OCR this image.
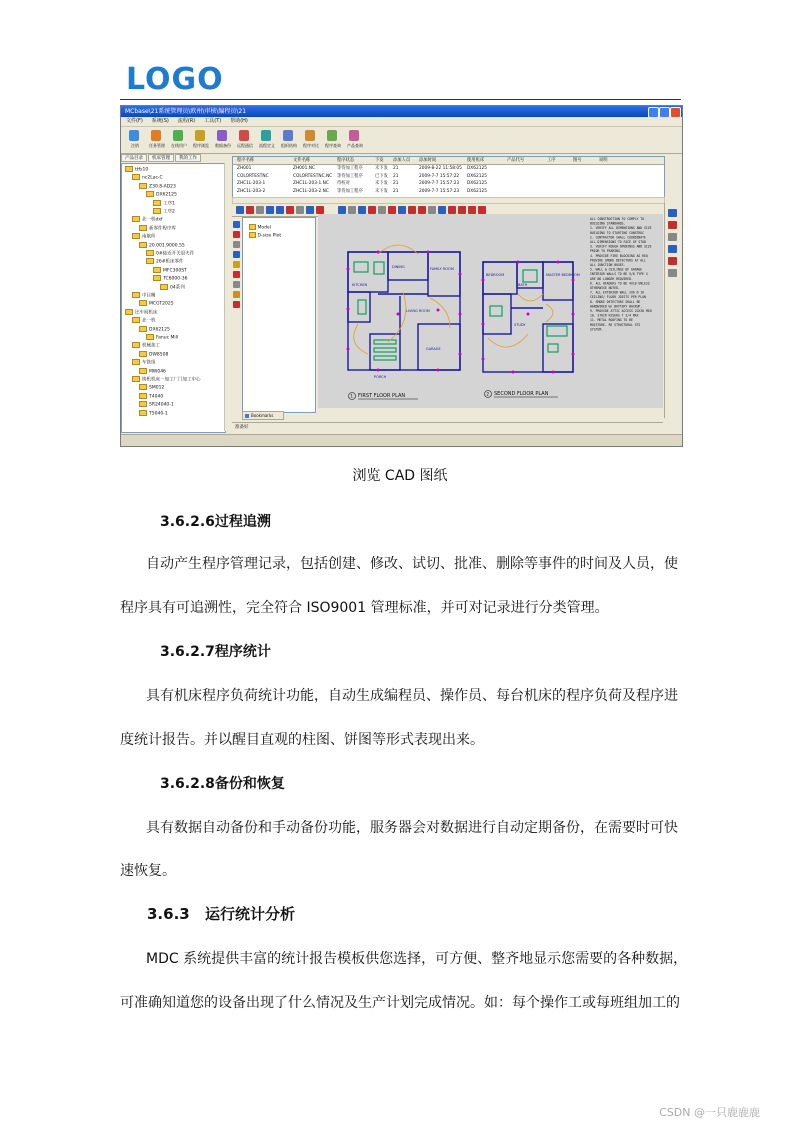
LOGO
MCbase\21系统管理员\欧州\审核\编程员\21
文件(F) 系统(S) 流程(R) 工具(T) 帮助(H)
注销	任务管理	在线用户	程序浏览	数据备份	远程通信	流程定义	组织结构	程序对比	程序查询	产品查询
产品目录	机床管理	我的工作
ttfs10
nc2Lac-C
Z30.8-AD23
DX62125
工序1
工序2
北一机dxf
新零件程序库
南航所
20.001.9000.55
0#接近开关退火件
26#机床零件
MFC300ST
TC6000-36
04系列
中目精
MCGT2025
比车间机床
北一机
DX62125
Fanuc Mill
机械加工
DW8508
车铣组
MW046
铸机机床一加工厂门加工中心
SM012
T4040
SR24040-1
T5040-1
程序名称	文件名称	程序状态	下发 添加人员 添加时间	使用机床	产品代号	工序	图号	说明
ZH001	ZH001.NC	等待加工程序	未下发 21	2009-8-22 11:58:05 DX62125
COLORTESTNC	COLORTESTNC.NC 等待加工程序	已下发 21	2009-7-7 15:57:22 DX62125
ZHC1L-203-1	ZHC1L-203-1.NC 待校对	未下发 21	2009-7-7 15:57:23 DX62125
ZHC1L-203-2	ZHC1L-203-2.NC 等待加工程序	未下发 21	2009-7-7 15:57:23 DX62125
Model
D-size Plot
Bookmarks
LIVING ROOM
DINING
KITCHEN
GARAGE
FAMILY ROOM
PORCH
1 FIRST FLOOR PLAN
BEDROOM
BATH
MASTER BEDROOM
STUDY
2 SECOND FLOOR PLAN
ALL CONSTRUCTION TO COMPLY TO
BUILDING STANDARDS.
1. VERIFY ALL DIMENSIONS AND SIZE
BUILDING TO STARTING CONSTRUC
2. CONTRACTOR SHALL COORDINATE
ALL DIMENSIONS TO FACE OF STUD
3. VERIFY ROUGH OPENINGS AND SIZE
PRIOR TO FRAMING.
4. PROVIDE FIRE BLOCKING AS REQ
PROVIDE SMOKE DETECTORS AT ALL
ALL JUNCTION BOXES.
5. WALL & CEILINGS OF GARAGE
INTERIOR WALLS TO BE 5/8 TYPE X
ARE NO LONGER REQUIRED.
6. ALL HEADERS TO BE 4X10 UNLESS
OTHERWISE NOTED.
7. ALL EXTERIOR WALL 2X6 @ 16
CEILING/ FLOOR JOISTS PER PLAN
8. SMOKE DETECTORS SHALL BE
HARDWIRED W/ BATTERY BACKUP.
9. PROVIDE ATTIC ACCESS 22X30 MIN
10. STAIR RISERS 7 3/4 MAX
11. METAL ROOFING TO BE
MOISTURE- RE STRUCTURAL STS
SYSTEM.
准备好
浏览 CAD 图纸
3.6.2.6过程追溯
自动产生程序管理记录，包括创建、修改、试切、批准、删除等事件的时间及人员，使
程序具有可追溯性，完全符合 ISO9001 管理标准，并可对记录进行分类管理。
3.6.2.7程序统计
具有机床程序负荷统计功能，自动生成编程员、操作员、每台机床的程序负荷及程序进
度统计报告。并以醒目直观的柱图、饼图等形式表现出来。
3.6.2.8备份和恢复
具有数据自动备份和手动备份功能，服务器会对数据进行自动定期备份，在需要时可快
速恢复。
3.6.3 运行统计分析
MDC 系统提供丰富的统计报告模板供您选择，可方便、整齐地显示您需要的各种数据，
可准确知道您的设备出现了什么情况及生产计划完成情况。如：每个操作工或每班组加工的
CSDN @一只鹿鹿鹿
